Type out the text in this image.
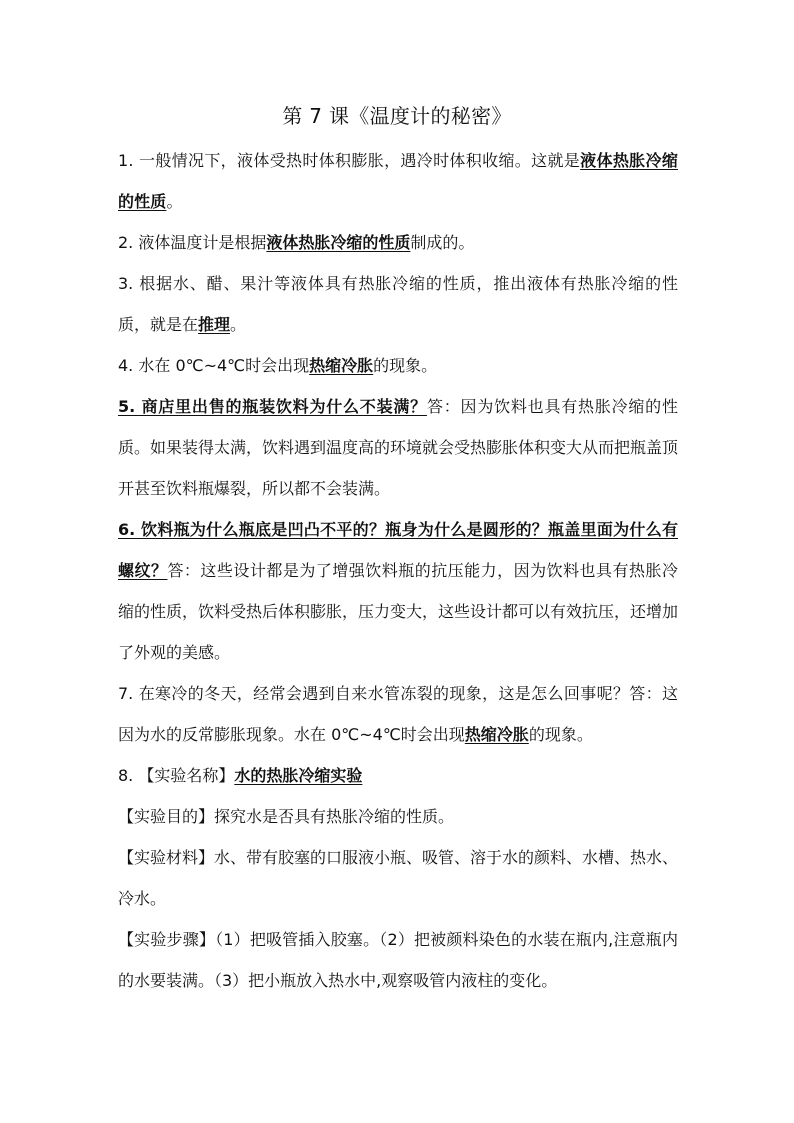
第 7 课《温度计的秘密》

1. 一般情况下，液体受热时体积膨胀，遇冷时体积收缩。这就是液体热胀冷缩的性质。

2. 液体温度计是根据液体热胀冷缩的性质制成的。

3. 根据水、醋、果汁等液体具有热胀冷缩的性质，推出液体有热胀冷缩的性质，就是在推理。

4. 水在 0℃~4℃时会出现热缩冷胀的现象。

5. 商店里出售的瓶装饮料为什么不装满？答：因为饮料也具有热胀冷缩的性质。如果装得太满，饮料遇到温度高的环境就会受热膨胀体积变大从而把瓶盖顶开甚至饮料瓶爆裂，所以都不会装满。

6. 饮料瓶为什么瓶底是凹凸不平的？瓶身为什么是圆形的？瓶盖里面为什么有螺纹？答：这些设计都是为了增强饮料瓶的抗压能力，因为饮料也具有热胀冷缩的性质，饮料受热后体积膨胀，压力变大，这些设计都可以有效抗压，还增加了外观的美感。

7. 在寒冷的冬天，经常会遇到自来水管冻裂的现象，这是怎么回事呢？答：这因为水的反常膨胀现象。水在 0℃~4℃时会出现热缩冷胀的现象。

8. 【实验名称】水的热胀冷缩实验

【实验目的】探究水是否具有热胀冷缩的性质。

【实验材料】水、带有胶塞的口服液小瓶、吸管、溶于水的颜料、水槽、热水、冷水。

【实验步骤】（1）把吸管插入胶塞。（2）把被颜料染色的水装在瓶内,注意瓶内的水要装满。（3）把小瓶放入热水中,观察吸管内液柱的变化。
